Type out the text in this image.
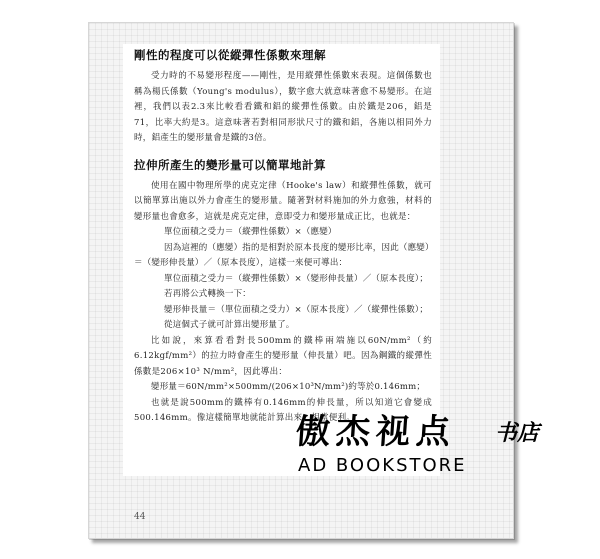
剛性的程度可以從縱彈性係數來理解

受力時的不易變形程度——剛性，是用縱彈性係數來表現。這個係數也稱為楊氏係數（Young's modulus），數字愈大就意味著愈不易變形。在這裡，我們以表2.3來比較看看鐵和鋁的縱彈性係數。由於鐵是206，鋁是71，比率大約是3。這意味著若對相同形狀尺寸的鐵和鋁，各施以相同外力時，鋁產生的變形量會是鐵的3倍。

拉伸所產生的變形量可以簡單地計算

使用在國中物理所學的虎克定律（Hooke's law）和縱彈性係數，就可以簡單算出施以外力會產生的變形量。隨著對材料施加的外力愈強，材料的變形量也會愈多，這就是虎克定律，意即受力和變形量成正比，也就是：

單位面積之受力＝（縱彈性係數）×（應變）
因為這裡的（應變）指的是相對於原本長度的變形比率，因此（應變）
＝（變形伸長量）／（原本長度），這樣一來便可導出：
單位面積之受力＝（縱彈性係數）×（變形伸長量）／（原本長度）；
若再將公式轉換一下：
變形伸長量＝（單位面積之受力）×（原本長度）／（縱彈性係數）；
從這個式子就可計算出變形量了。

比如說，來算看看對長500mm的鐵棒兩端施以60N/mm²（約6.12kgf/mm²）的拉力時會產生的變形量（伸長量）吧。因為鋼鐵的縱彈性係數是206×10³ N/mm²，因此導出：

變形量＝60N/mm²×500mm/(206×10³N/mm²)約等於0.146mm；

也就是說500mm的鐵棒有0.146mm的伸長量，所以知道它會變成500.146mm。像這樣簡單地就能計算出來，相當便利。

44
傲杰视点 书店
AD BOOKSTORE
